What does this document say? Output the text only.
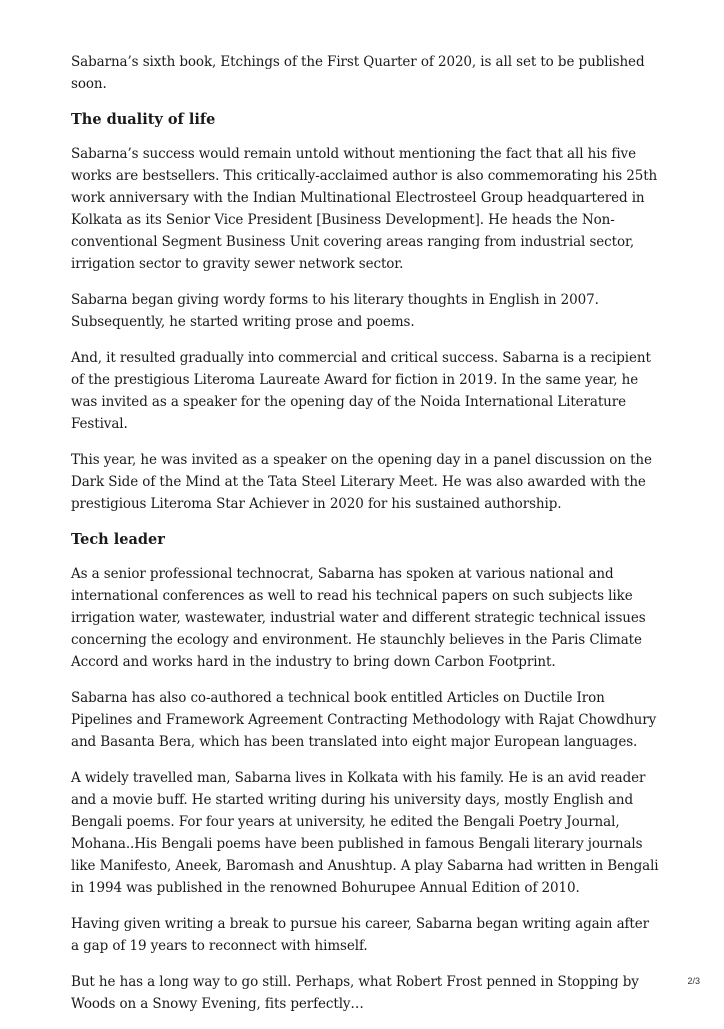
Sabarna’s sixth book, Etchings of the First Quarter of 2020, is all set to be published soon.

The duality of life

Sabarna’s success would remain untold without mentioning the fact that all his five works are bestsellers. This critically-acclaimed author is also commemorating his 25th work anniversary with the Indian Multinational Electrosteel Group headquartered in Kolkata as its Senior Vice President [Business Development]. He heads the Non-conventional Segment Business Unit covering areas ranging from industrial sector, irrigation sector to gravity sewer network sector.

Sabarna began giving wordy forms to his literary thoughts in English in 2007. Subsequently, he started writing prose and poems.

And, it resulted gradually into commercial and critical success. Sabarna is a recipient of the prestigious Literoma Laureate Award for fiction in 2019. In the same year, he was invited as a speaker for the opening day of the Noida International Literature Festival.

This year, he was invited as a speaker on the opening day in a panel discussion on the Dark Side of the Mind at the Tata Steel Literary Meet. He was also awarded with the prestigious Literoma Star Achiever in 2020 for his sustained authorship.

Tech leader

As a senior professional technocrat, Sabarna has spoken at various national and international conferences as well to read his technical papers on such subjects like irrigation water, wastewater, industrial water and different strategic technical issues concerning the ecology and environment. He staunchly believes in the Paris Climate Accord and works hard in the industry to bring down Carbon Footprint.

Sabarna has also co-authored a technical book entitled Articles on Ductile Iron Pipelines and Framework Agreement Contracting Methodology with Rajat Chowdhury and Basanta Bera, which has been translated into eight major European languages.

A widely travelled man, Sabarna lives in Kolkata with his family. He is an avid reader and a movie buff. He started writing during his university days, mostly English and Bengali poems. For four years at university, he edited the Bengali Poetry Journal, Mohana..His Bengali poems have been published in famous Bengali literary journals like Manifesto, Aneek, Baromash and Anushtup. A play Sabarna had written in Bengali in 1994 was published in the renowned Bohurupee Annual Edition of 2010.

Having given writing a break to pursue his career, Sabarna began writing again after a gap of 19 years to reconnect with himself.

But he has a long way to go still. Perhaps, what Robert Frost penned in Stopping by Woods on a Snowy Evening, fits perfectly…

2/3
